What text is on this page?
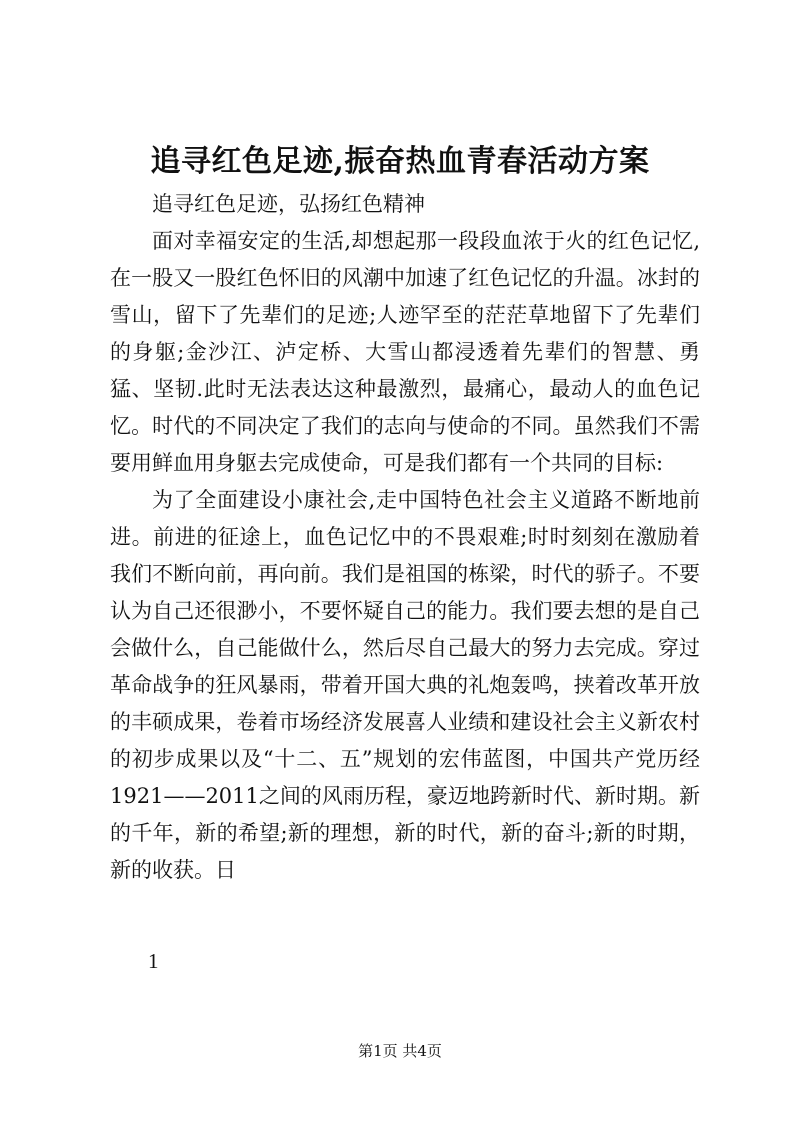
追寻红色足迹,振奋热血青春活动方案

追寻红色足迹，弘扬红色精神

面对幸福安定的生活,却想起那一段段血浓于火的红色记忆,在一股又一股红色怀旧的风潮中加速了红色记忆的升温。冰封的雪山，留下了先辈们的足迹;人迹罕至的茫茫草地留下了先辈们的身躯;金沙江、泸定桥、大雪山都浸透着先辈们的智慧、勇猛、坚韧.此时无法表达这种最激烈，最痛心，最动人的血色记忆。时代的不同决定了我们的志向与使命的不同。虽然我们不需要用鲜血用身躯去完成使命，可是我们都有一个共同的目标:

为了全面建设小康社会,走中国特色社会主义道路不断地前进。前进的征途上，血色记忆中的不畏艰难;时时刻刻在激励着我们不断向前，再向前。我们是祖国的栋梁，时代的骄子。不要认为自己还很渺小，不要怀疑自己的能力。我们要去想的是自己会做什么，自己能做什么，然后尽自己最大的努力去完成。穿过革命战争的狂风暴雨，带着开国大典的礼炮轰鸣，挟着改革开放的丰硕成果，卷着市场经济发展喜人业绩和建设社会主义新农村的初步成果以及“十二、五”规划的宏伟蓝图，中国共产党历经1921——2011之间的风雨历程，豪迈地跨新时代、新时期。新的千年，新的希望;新的理想，新的时代，新的奋斗;新的时期，新的收获。日

1
第1页 共4页
